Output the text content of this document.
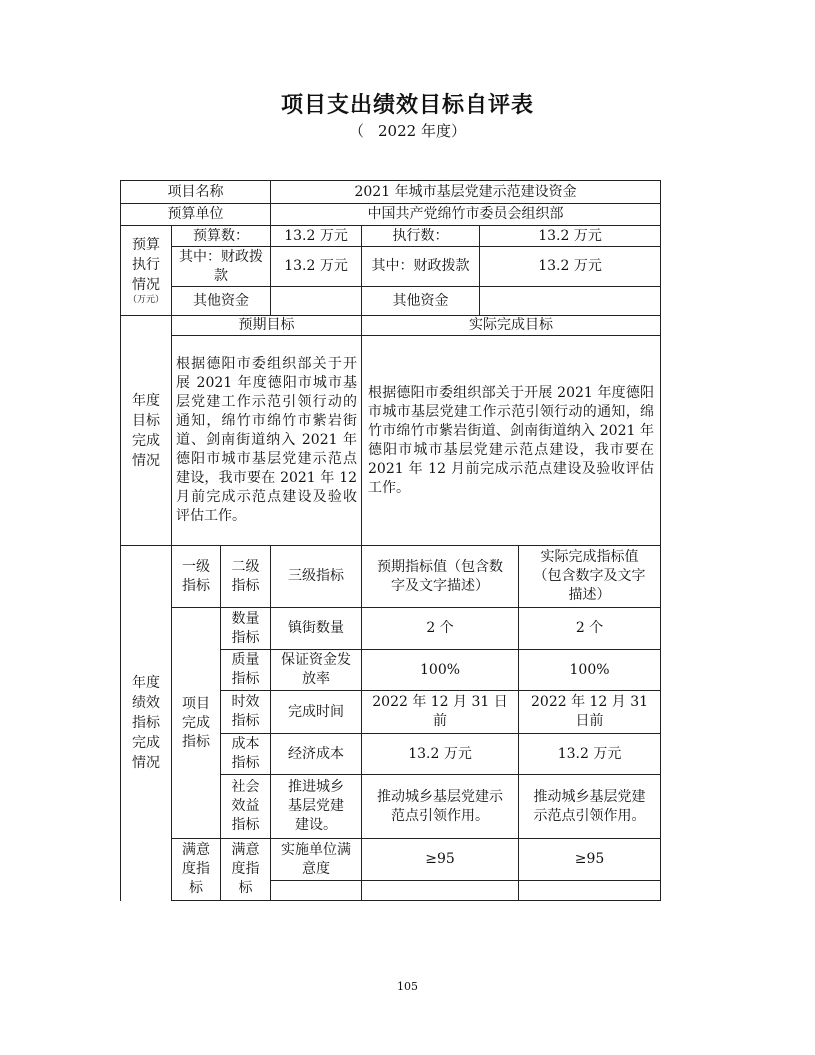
项目支出绩效目标自评表
（ 2022 年度）
项目名称			2021 年城市基层党建示范建设资金			
预算单位			中国共产党绵竹市委员会组织部			

预算执行情况
（万元）	预算数：		13.2 万元	执行数：	13.2 万元	
	其中：财政拨款		13.2 万元	其中：财政拨款	13.2 万元	
	其他资金			其他资金		

年度目标完成情况	预期目标			实际完成目标		
	根据德阳市委组织部关于开展 2021 年度德阳市城市基层党建工作示范引领行动的通知，绵竹市绵竹市紫岩街道、剑南街道纳入 2021 年德阳市城市基层党建示范点建设，我市要在 2021 年 12 月前完成示范点建设及验收评估工作。			根据德阳市委组织部关于开展 2021 年度德阳市城市基层党建工作示范引领行动的通知，绵竹市绵竹市紫岩街道、剑南街道纳入 2021 年德阳市城市基层党建示范点建设，我市要在 2021 年 12 月前完成示范点建设及验收评估工作。		

年度绩效指标完成情况	一级指标	二级指标	三级指标	预期指标值（包含数字及文字描述）		实际完成指标值（包含数字及文字描述）
	项目完成指标	数量指标	镇街数量	2 个		2 个
		质量指标	保证资金发放率	100%		100%
		时效指标	完成时间	2022 年 12 月 31 日前		2022 年 12 月 31 日前
		成本指标	经济成本	13.2 万元		13.2 万元
		社会效益指标	推进城乡基层党建建设。	推动城乡基层党建示范点引领作用。		推动城乡基层党建示范点引领作用。
	满意度指标	满意度指标	实施单位满意度	≥95		≥95

105
